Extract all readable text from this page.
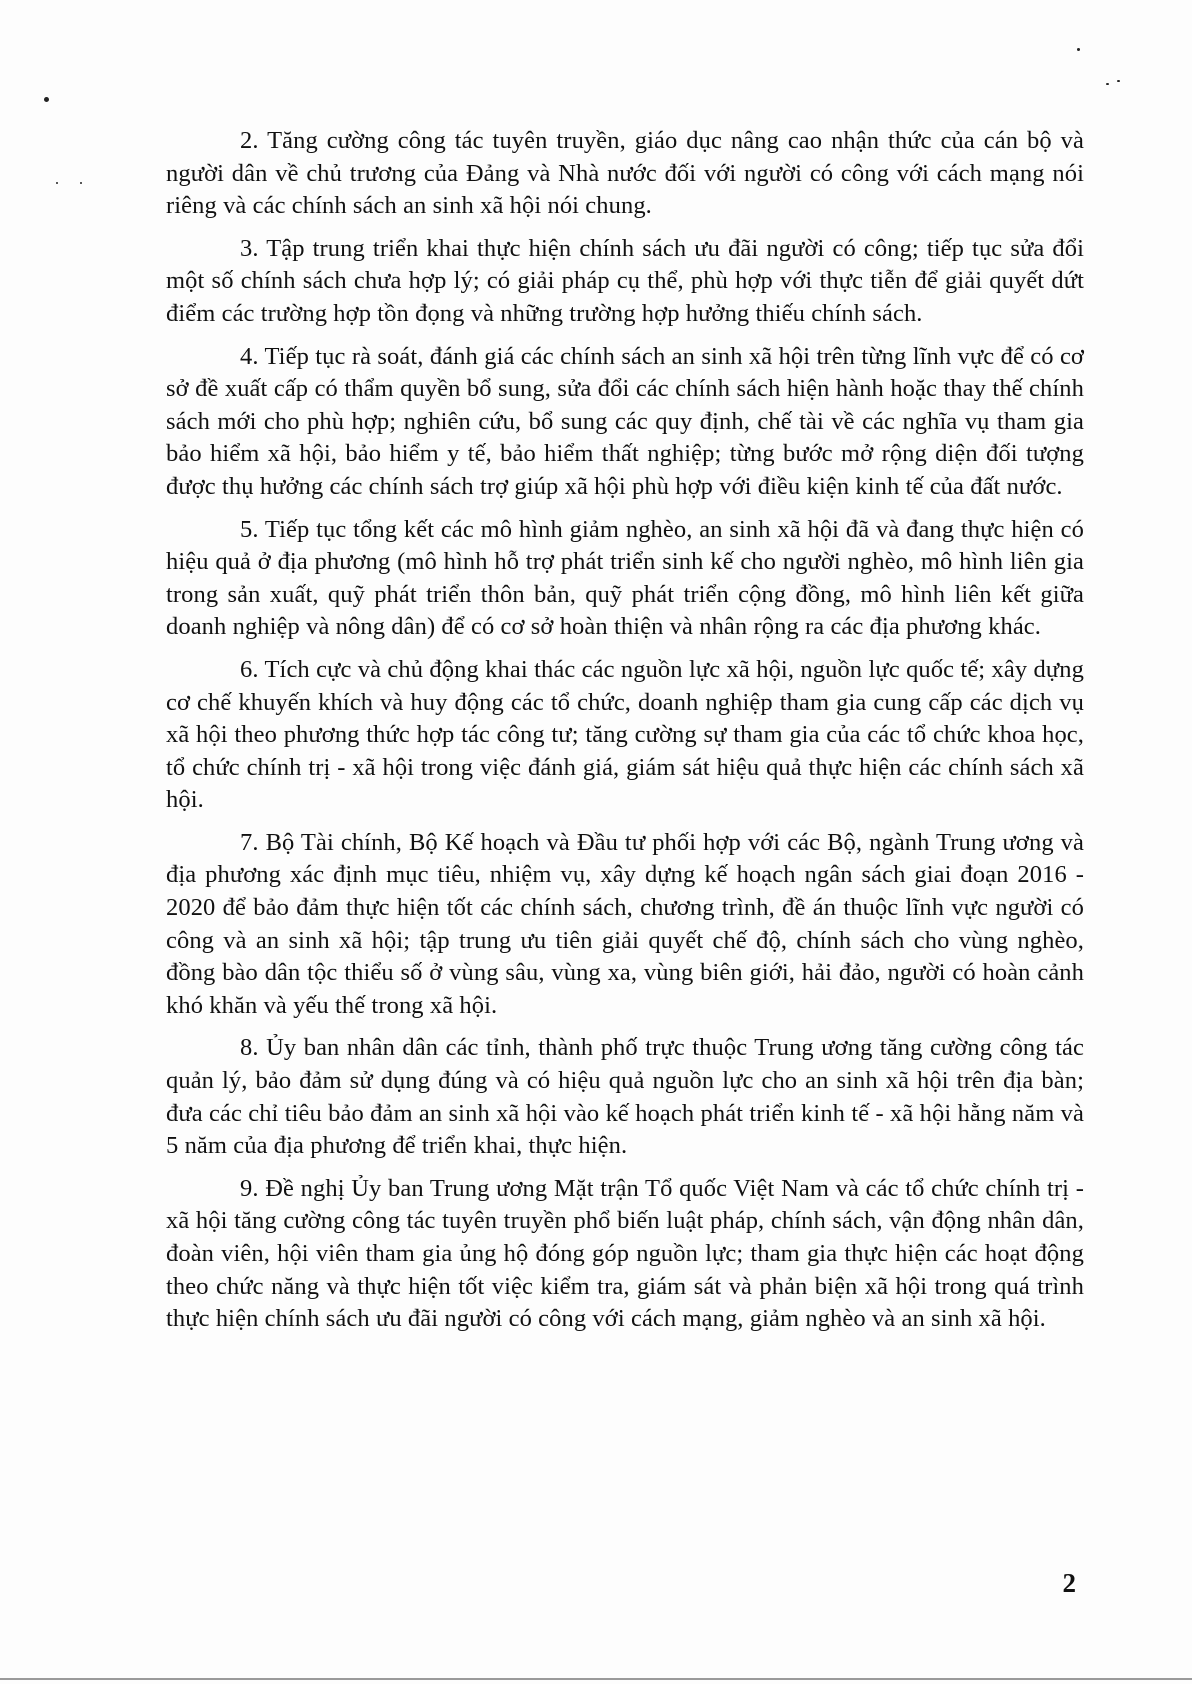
2. Tăng cường công tác tuyên truyền, giáo dục nâng cao nhận thức của cán bộ và người dân về chủ trương của Đảng và Nhà nước đối với người có công với cách mạng nói riêng và các chính sách an sinh xã hội nói chung.

3. Tập trung triển khai thực hiện chính sách ưu đãi người có công; tiếp tục sửa đổi một số chính sách chưa hợp lý; có giải pháp cụ thể, phù hợp với thực tiễn để giải quyết dứt điểm các trường hợp tồn đọng và những trường hợp hưởng thiếu chính sách.

4. Tiếp tục rà soát, đánh giá các chính sách an sinh xã hội trên từng lĩnh vực để có cơ sở đề xuất cấp có thẩm quyền bổ sung, sửa đổi các chính sách hiện hành hoặc thay thế chính sách mới cho phù hợp; nghiên cứu, bổ sung các quy định, chế tài về các nghĩa vụ tham gia bảo hiểm xã hội, bảo hiểm y tế, bảo hiểm thất nghiệp; từng bước mở rộng diện đối tượng được thụ hưởng các chính sách trợ giúp xã hội phù hợp với điều kiện kinh tế của đất nước.

5. Tiếp tục tổng kết các mô hình giảm nghèo, an sinh xã hội đã và đang thực hiện có hiệu quả ở địa phương (mô hình hỗ trợ phát triển sinh kế cho người nghèo, mô hình liên gia trong sản xuất, quỹ phát triển thôn bản, quỹ phát triển cộng đồng, mô hình liên kết giữa doanh nghiệp và nông dân) để có cơ sở hoàn thiện và nhân rộng ra các địa phương khác.

6. Tích cực và chủ động khai thác các nguồn lực xã hội, nguồn lực quốc tế; xây dựng cơ chế khuyến khích và huy động các tổ chức, doanh nghiệp tham gia cung cấp các dịch vụ xã hội theo phương thức hợp tác công tư; tăng cường sự tham gia của các tổ chức khoa học, tổ chức chính trị - xã hội trong việc đánh giá, giám sát hiệu quả thực hiện các chính sách xã hội.

7. Bộ Tài chính, Bộ Kế hoạch và Đầu tư phối hợp với các Bộ, ngành Trung ương và địa phương xác định mục tiêu, nhiệm vụ, xây dựng kế hoạch ngân sách giai đoạn 2016 - 2020 để bảo đảm thực hiện tốt các chính sách, chương trình, đề án thuộc lĩnh vực người có công và an sinh xã hội; tập trung ưu tiên giải quyết chế độ, chính sách cho vùng nghèo, đồng bào dân tộc thiểu số ở vùng sâu, vùng xa, vùng biên giới, hải đảo, người có hoàn cảnh khó khăn và yếu thế trong xã hội.

8. Ủy ban nhân dân các tỉnh, thành phố trực thuộc Trung ương tăng cường công tác quản lý, bảo đảm sử dụng đúng và có hiệu quả nguồn lực cho an sinh xã hội trên địa bàn; đưa các chỉ tiêu bảo đảm an sinh xã hội vào kế hoạch phát triển kinh tế - xã hội hằng năm và 5 năm của địa phương để triển khai, thực hiện.

9. Đề nghị Ủy ban Trung ương Mặt trận Tổ quốc Việt Nam và các tổ chức chính trị - xã hội tăng cường công tác tuyên truyền phổ biến luật pháp, chính sách, vận động nhân dân, đoàn viên, hội viên tham gia ủng hộ đóng góp nguồn lực; tham gia thực hiện các hoạt động theo chức năng và thực hiện tốt việc kiểm tra, giám sát và phản biện xã hội trong quá trình thực hiện chính sách ưu đãi người có công với cách mạng, giảm nghèo và an sinh xã hội.

2
